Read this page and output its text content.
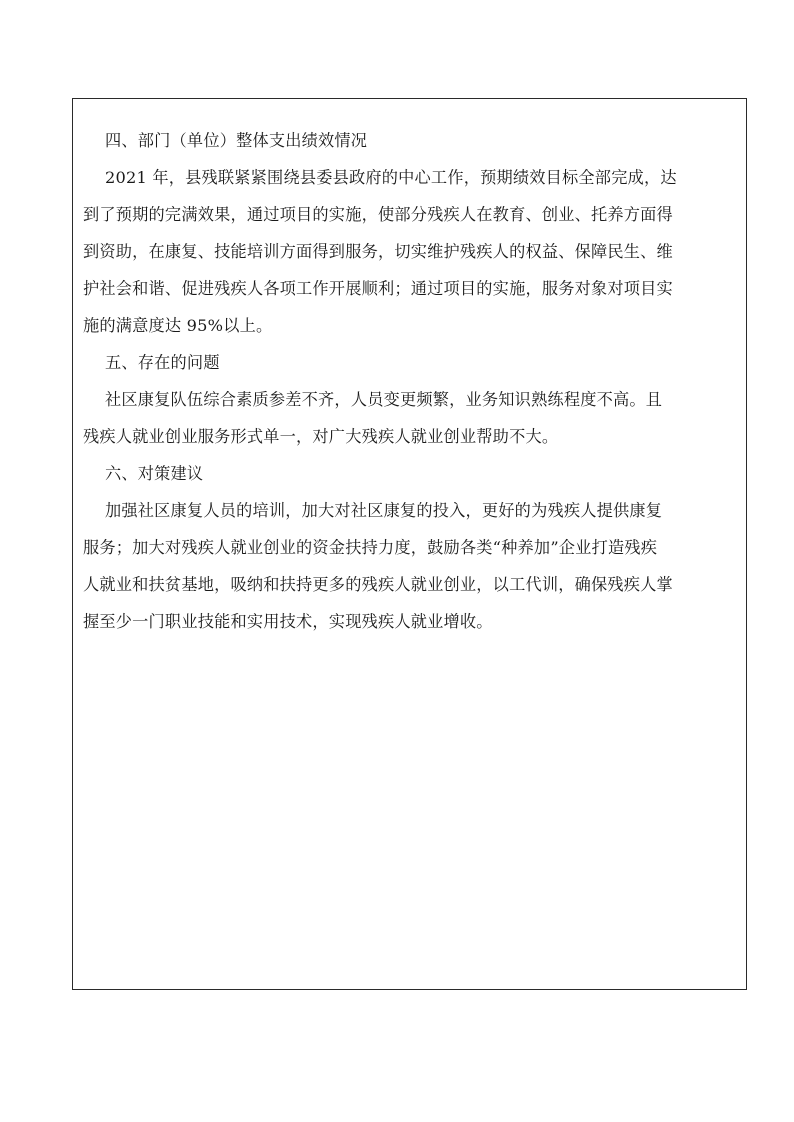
四、部门（单位）整体支出绩效情况
2021 年，县残联紧紧围绕县委县政府的中心工作，预期绩效目标全部完成，达
到了预期的完满效果，通过项目的实施，使部分残疾人在教育、创业、托养方面得
到资助，在康复、技能培训方面得到服务，切实维护残疾人的权益、保障民生、维
护社会和谐、促进残疾人各项工作开展顺利；通过项目的实施，服务对象对项目实
施的满意度达 95%以上。
五、存在的问题
社区康复队伍综合素质参差不齐，人员变更频繁，业务知识熟练程度不高。且
残疾人就业创业服务形式单一，对广大残疾人就业创业帮助不大。
六、对策建议
加强社区康复人员的培训，加大对社区康复的投入，更好的为残疾人提供康复
服务；加大对残疾人就业创业的资金扶持力度，鼓励各类“种养加”企业打造残疾
人就业和扶贫基地，吸纳和扶持更多的残疾人就业创业，以工代训，确保残疾人掌
握至少一门职业技能和实用技术，实现残疾人就业增收。
